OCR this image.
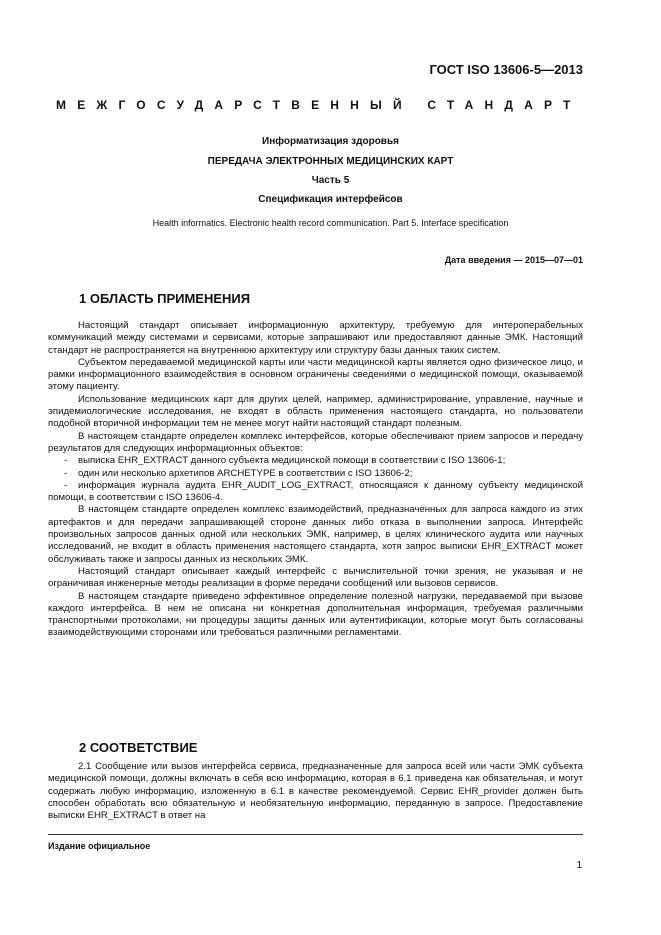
ГОСТ ISO 13606-5—2013
МЕЖГОСУДАРСТВЕННЫЙ СТАНДАРТ
Информатизация здоровья
ПЕРЕДАЧА ЭЛЕКТРОННЫХ МЕДИЦИНСКИХ КАРТ
Часть 5
Спецификация интерфейсов
Health informatics. Electronic health record communication. Part 5. Interface specification
Дата введения — 2015—07—01
1 ОБЛАСТЬ ПРИМЕНЕНИЯ

Настоящий стандарт описывает информационную архитектуру, требуемую для интероперабельных коммуникаций между системами и сервисами, которые запрашивают или предоставляют данные ЭМК. Настоящий стандарт не распространяется на внутреннюю архитектуру или структуру базы данных таких систем.

Субъектом передаваемой медицинской карты или части медицинской карты является одно физическое лицо, и рамки информационного взаимодействия в основном ограничены сведениями о медицинской помощи, оказываемой этому пациенту.

Использование медицинских карт для других целей, например, администрирование, управление, научные и эпидемиологические исследования, не входят в область применения настоящего стандарта, но пользователи подобной вторичной информации тем не менее могут найти настоящий стандарт полезным.

В настоящем стандарте определен комплекс интерфейсов, которые обеспечивают прием запросов и передачу результатов для следующих информационных объектов:

- выписка EHR_EXTRACT данного субъекта медицинской помощи в соответствии с ISO 13606-1;

- один или несколько архетипов ARCHETYPE в соответствии с ISO 13606-2;

- информация журнала аудита EHR_AUDIT_LOG_EXTRACT, относящаяся к данному субъекту медицинской помощи, в соответствии с ISO 13606-4.

В настоящем стандарте определен комплекс взаимодействий, предназначенных для запроса каждого из этих артефактов и для передачи запрашивающей стороне данных либо отказа в выполнении запроса. Интерфейс произвольных запросов данных одной или нескольких ЭМК, например, в целях клинического аудита или научных исследований, не входит в область применения настоящего стандарта, хотя запрос выписки EHR_EXTRACT может обслуживать также и запросы данных из нескольких ЭМК.

Настоящий стандарт описывает каждый интерфейс с вычислительной точки зрения, не указывая и не ограничивая инженерные методы реализации в форме передачи сообщений или вызовов сервисов.

В настоящем стандарте приведено эффективное определение полезной нагрузки, передаваемой при вызове каждого интерфейса. В нем не описана ни конкретная дополнительная информация, требуемая различными транспортными протоколами, ни процедуры защиты данных или аутентификации, которые могут быть согласованы взаимодействующими сторонами или требоваться различными регламентами.

2 СООТВЕТСТВИЕ

2.1 Сообщение или вызов интерфейса сервиса, предназначенные для запроса всей или части ЭМК субъекта медицинской помощи, должны включать в себя всю информацию, которая в 6.1 приведена как обязательная, и могут содержать любую информацию, изложенную в 6.1 в качестве рекомендуемой. Сервис EHR_provider должен быть способен обработать всю обязательную и необязательную информацию, переданную в запросе. Предоставление выписки EHR_EXTRACT в ответ на

Издание официальное
1
